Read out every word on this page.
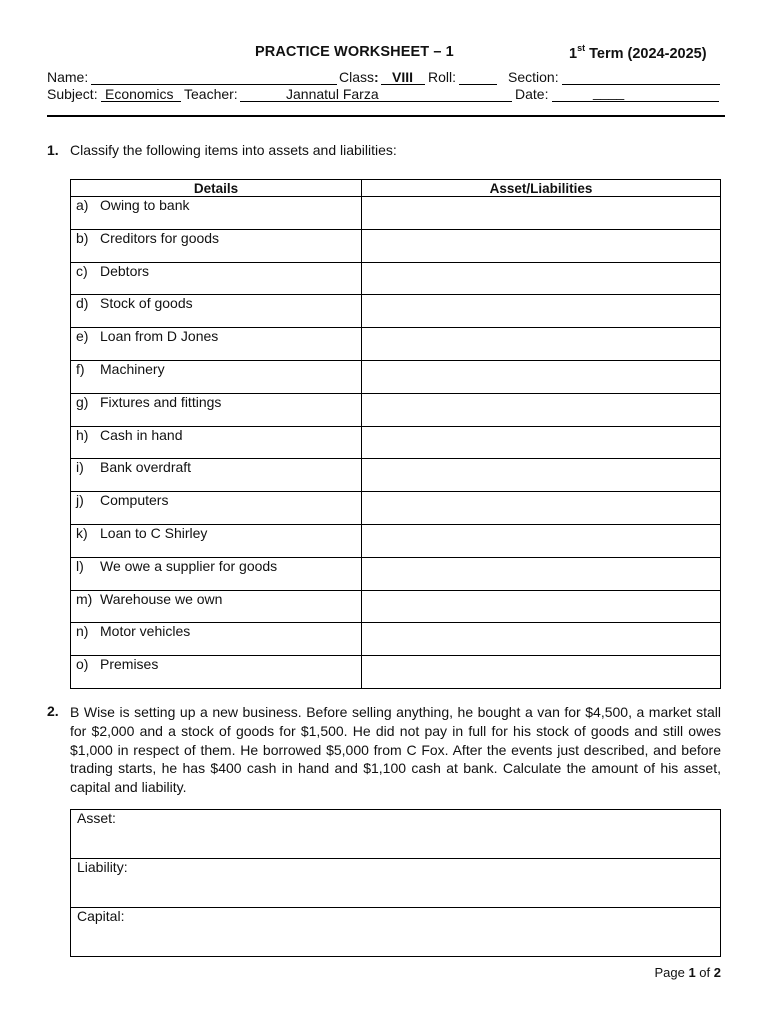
PRACTICE WORKSHEET – 1	1st Term (2024-2025)
Name:	Class: VIII Roll:	Section:
Subject: Economics Teacher:	Jannatul Farza	Date:	____
1. Classify the following items into assets and liabilities:
Details	Asset/Liabilities
a) Owing to bank	
b) Creditors for goods	
c) Debtors	
d) Stock of goods	
e) Loan from D Jones	
f) Machinery	
g) Fixtures and fittings	
h) Cash in hand	
i) Bank overdraft	
j) Computers	
k) Loan to C Shirley	
l) We owe a supplier for goods	
m) Warehouse we own	
n) Motor vehicles	
o) Premises	
2. B Wise is setting up a new business. Before selling anything, he bought a van for $4,500, a market stall for $2,000 and a stock of goods for $1,500. He did not pay in full for his stock of goods and still owes $1,000 in respect of them. He borrowed $5,000 from C Fox. After the events just described, and before trading starts, he has $400 cash in hand and $1,100 cash at bank. Calculate the amount of his asset, capital and liability.
Asset:
Liability:
Capital:
Page 1 of 2
